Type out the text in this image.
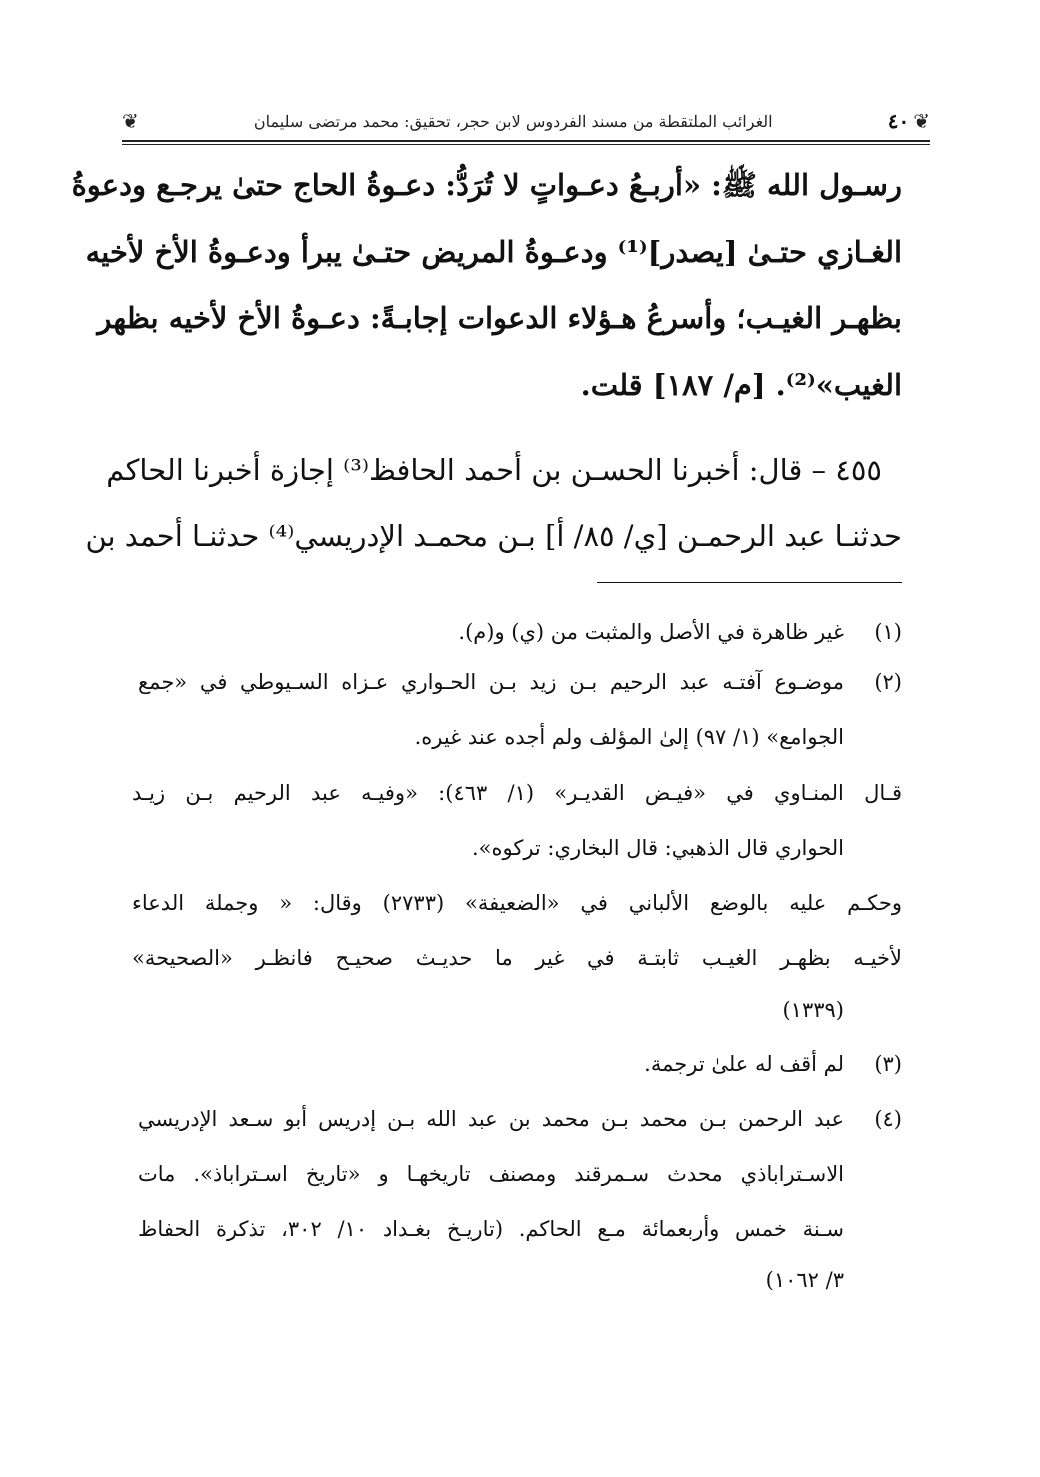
❦
٤٠
الغرائب الملتقطة من مسند الفردوس لابن حجر، تحقيق: محمد مرتضى سليمان
❦
رسـول الله ﷺ: «أربـعُ دعـواتٍ لا تُرَدُّ: دعـوةُ الحاج حتىٰ يرجـع ودعوةُ
الغـازي حتـىٰ [يصدر]⁽¹⁾ ودعـوةُ المريض حتـىٰ يبرأ ودعـوةُ الأخ لأخيه
بظهـر الغيـب؛ وأسرعُ هـؤلاء الدعوات إجابـةً: دعـوةُ الأخ لأخيه بظهر
الغيب»⁽²⁾. [م/ ١٨٧] قلت.
٤٥٥ – قال: أخبرنا الحسـن بن أحمد الحافظ⁽³⁾ إجازة أخبرنا الحاكم
حدثنـا عبد الرحمـن [ي/ ٨٥/ أ] بـن محمـد الإدريسي⁽⁴⁾ حدثنـا أحمد بن
(١)
غير ظاهرة في الأصل والمثبت من (ي) و(م).
(٢)
موضـوع آفتـه عبد الرحيم بـن زيد بـن الحـواري عـزاه السـيوطي في «جمع
الجوامع» (١/ ٩٧) إلىٰ المؤلف ولم أجده عند غيره.
قـال المنـاوي في «فيـض القديـر» (١/ ٤٦٣): «وفيـه عبد الرحيم بـن زيـد
الحواري قال الذهبي: قال البخاري: تركوه».
وحكـم عليه بالوضع الألباني في «الضعيفة» (٢٧٣٣) وقال: « وجملة الدعاء
لأخيـه بظهـر الغيـب ثابتـة في غير ما حديـث صحيـح فانظـر «الصحيحة»
(١٣٣٩)
(٣)
لم أقف له علىٰ ترجمة.
(٤)
عبد الرحمن بـن محمد بـن محمد بن عبد الله بـن إدريس أبو سـعد الإدريسي
الاسـتراباذي محدث سـمرقند ومصنف تاريخهـا و «تاريخ اسـتراباذ». مات
سـنة خمس وأربعمائة مـع الحاكم. (تاريـخ بغـداد ١٠/ ٣٠٢، تذكرة الحفاظ
٣/ ١٠٦٢)
